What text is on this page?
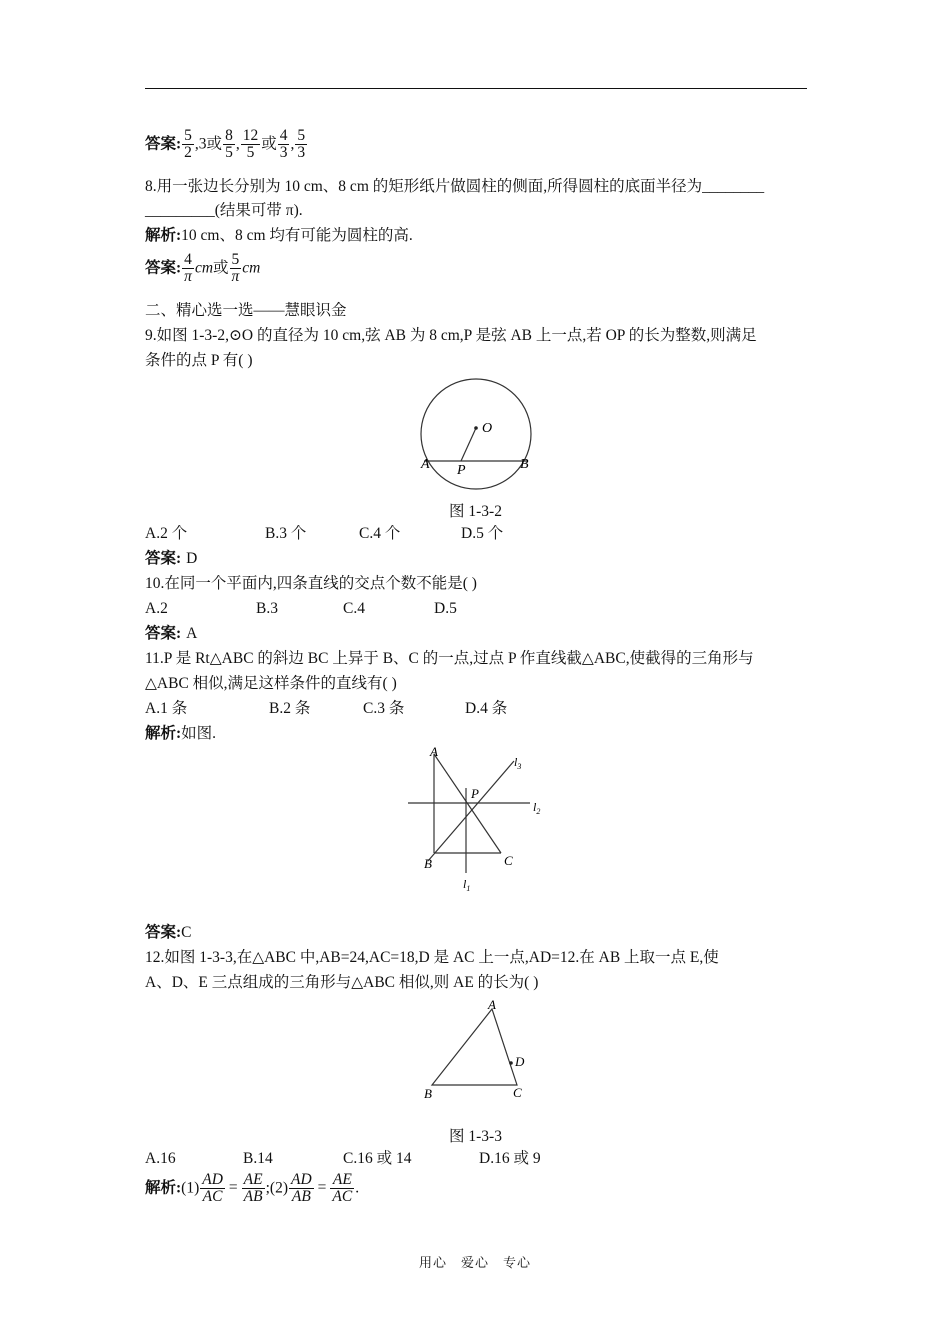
答案: $\frac{5}{2} ,3$或 $\frac{8}{5}$ , $\frac{12}{5}$ 或 $\frac{4}{3}$ , $\frac{5}{3}$
8.用一张边长分别为 10 cm、8 cm 的矩形纸片做圆柱的侧面,所得圆柱的底面半径为________
_________(结果可带 π).
解析:10 cm、8 cm 均有可能为圆柱的高.
答案: $\frac{4}{\pi}$ cm或 $\frac{5}{\pi}$ cm
二、精心选一选——慧眼识金
9.如图 1-3-2,⊙O 的直径为 10 cm,弦 AB 为 8 cm,P 是弦 AB 上一点,若 OP 的长为整数,则满足
条件的点 P 有( )
O
A P	B
图 1-3-2
A.2 个	B.3 个	C.4 个	D.5 个
答案: D
10.在同一个平面内,四条直线的交点个数不能是( )
A.2	B.3	C.4	D.5
答案: A
11.P 是 Rt△ABC 的斜边 BC 上异于 B、C 的一点,过点 P 作直线截△ABC,使截得的三角形与
△ABC 相似,满足这样条件的直线有( )
A.1 条	B.2 条	C.3 条	D.4 条
解析:如图.
A
P
B	C
$l_3$
$l_2$
$l_1$
答案:C
12.如图 1-3-3,在△ABC 中,AB=24,AC=18,D 是 AC 上一点,AD=12.在 AB 上取一点 E,使
A、D、E 三点组成的三角形与△ABC 相似,则 AE 的长为( )
A
B	C
D
图 1-3-3
A.16	B.14	C.16 或 14	D.16 或 9
解析:(1) $\frac{AD}{AC} = \frac{AE}{AB}$ ;(2) $\frac{AD}{AB} = \frac{AE}{AC}$ .
用心　爱心　专心
